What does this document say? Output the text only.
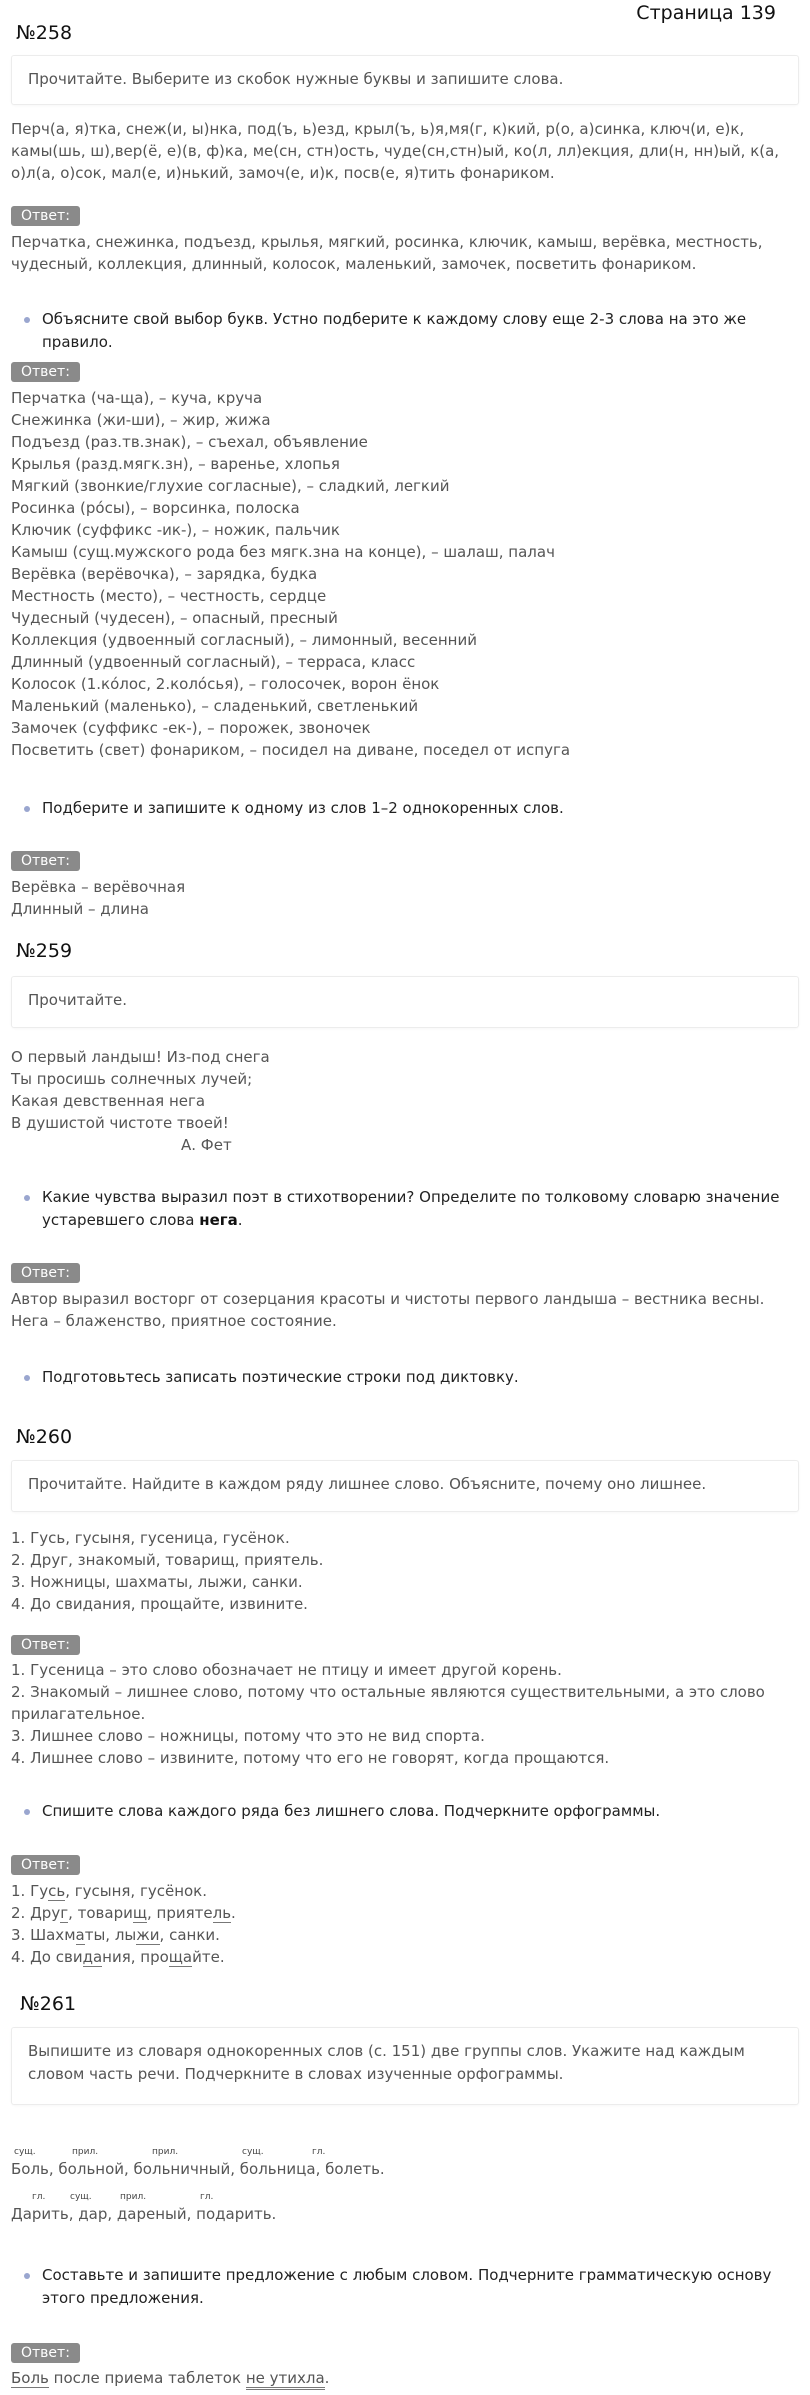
Страница 139
№258
Прочитайте. Выберите из скобок нужные буквы и запишите слова.
Перч(а, я)тка, снеж(и, ы)нка, под(ъ, ь)езд, крыл(ъ, ь)я,мя(г, к)кий, р(о, а)синка, ключ(и, е)к, камы(шь, ш),вер(ё, е)(в, ф)ка, ме(сн, стн)ость, чудe(сн,стн)ый, ко(л, лл)екция, дли(н, нн)ый, к(а, о)л(а, о)сок, мал(е, и)нький, замоч(е, и)к, посв(е, я)тить фонариком.
Ответ:
Перчатка, снежинка, подъезд, крылья, мягкий, росинка, ключик, камыш, верёвка, местность, чудесный, коллекция, длинный, колосок, маленький, замочек, посветить фонариком.
Объясните свой выбор букв. Устно подберите к каждому слову еще 2-3 слова на это же правило.
Ответ:
Перчатка (ча-ща), – куча, круча
Снежинка (жи-ши), – жир, жижа
Подъезд (раз.тв.знак), – съехал, объявление
Крылья (разд.мягк.зн), – варенье, хлопья
Мягкий (звонкие/глухие согласные), – сладкий, легкий
Росинка (рóсы), – ворсинка, полоска
Ключик (суффикс -ик-), – ножик, пальчик
Камыш (сущ.мужского рода без мягк.зна на конце), – шалаш, палач
Верёвка (верёвочка), – зарядка, будка
Местность (место), – честность, сердце
Чудесный (чудесен), – опасный, пресный
Коллекция (удвоенный согласный), – лимонный, весенний
Длинный (удвоенный согласный), – терраса, класс
Колосок (1.кóлос, 2.колóсья), – голосочек, ворон ёнок
Маленький (маленько), – сладенький, светленький
Замочек (суффикс -ек-), – порожек, звоночек
Посветить (свет) фонариком, – посидел на диване, поседел от испуга
Подберите и запишите к одному из слов 1–2 однокоренных слов.
Ответ:
Верёвка – верёвочная
Длинный – длина
№259
Прочитайте.
О первый ландыш! Из-под снега
Ты просишь солнечных лучей;
Какая девственная нега
В душистой чистоте твоей!
А. Фет
Какие чувства выразил поэт в стихотворении? Определите по толковому словарю значение устаревшего слова нега.
Ответ:
Автор выразил восторг от созерцания красоты и чистоты первого ландыша – вестника весны.
Нега – блаженство, приятное состояние.
Подготовьтесь записать поэтические строки под диктовку.
№260
Прочитайте. Найдите в каждом ряду лишнее слово. Объясните, почему оно лишнее.
1. Гусь, гусыня, гусеница, гусёнок.
2. Друг, знакомый, товарищ, приятель.
3. Ножницы, шахматы, лыжи, санки.
4. До свидания, прощайте, извините.
Ответ:
1. Гусеница – это слово обозначает не птицу и имеет другой корень.
2. Знакомый – лишнее слово, потому что остальные являются существительными, а это слово прилагательное.
3. Лишнее слово – ножницы, потому что это не вид спорта.
4. Лишнее слово – извините, потому что его не говорят, когда прощаются.
Спишите слова каждого ряда без лишнего слова. Подчеркните орфограммы.
Ответ:
1. Гусь, гусыня, гусёнок.
2. Друг, товарищ, приятель.
3. Шахматы, лыжи, санки.
4. До свидания, прощайте.
№261
Выпишите из словаря однокоренных слов (с. 151) две группы слов. Укажите над каждым словом часть речи. Подчеркните в словах изученные орфограммы.
сущ.	прил.	прил.	сущ.	гл.
Боль, больной, больничный, больница, болеть.
гл.	сущ.	прил.	гл.
Дарить, дар, дареный, подарить.
Составьте и запишите предложение с любым словом. Подчерните грамматическую основу этого предложения.
Ответ:
Боль после приема таблеток не утихла.
